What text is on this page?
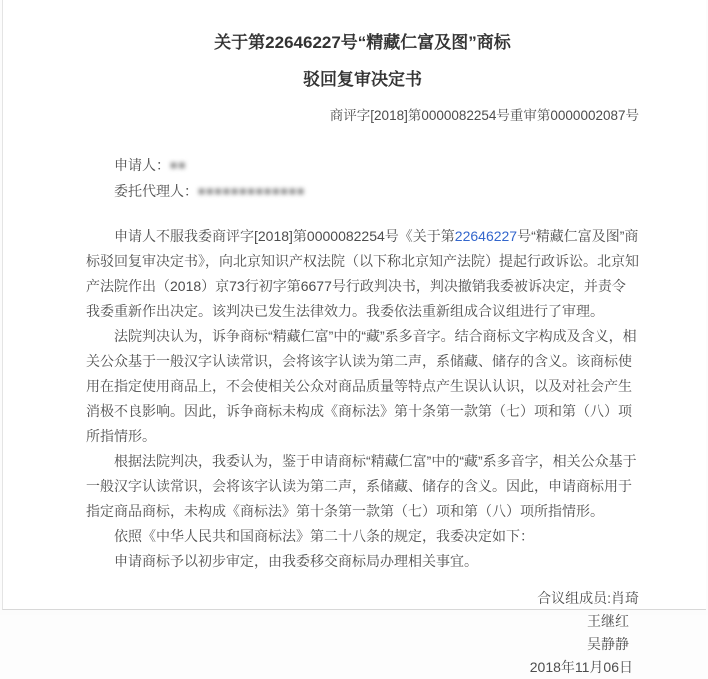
关于第22646227号“精藏仁富及图”商标
驳回复审决定书
商评字[2018]第0000082254号重审第0000002087号
申请人：■■
委托代理人：■■■■■■■■■■■■■

申请人不服我委商评字[2018]第0000082254号《关于第22646227号“精藏仁富及图”商标驳回复审决定书》，向北京知识产权法院（以下称北京知产法院）提起行政诉讼。北京知产法院作出（2018）京73行初字第6677号行政判决书，判决撤销我委被诉决定，并责令我委重新作出决定。该判决已发生法律效力。我委依法重新组成合议组进行了审理。

法院判决认为，诉争商标“精藏仁富”中的“藏”系多音字。结合商标文字构成及含义，相关公众基于一般汉字认读常识，会将该字认读为第二声，系储藏、储存的含义。该商标使用在指定使用商品上，不会使相关公众对商品质量等特点产生误认认识，以及对社会产生消极不良影响。因此，诉争商标未构成《商标法》第十条第一款第（七）项和第（八）项所指情形。

根据法院判决，我委认为，鉴于申请商标“精藏仁富”中的“藏”系多音字，相关公众基于一般汉字认读常识，会将该字认读为第二声，系储藏、储存的含义。因此，申请商标用于指定商品商标，未构成《商标法》第十条第一款第（七）项和第（八）项所指情形。

依照《中华人民共和国商标法》第二十八条的规定，我委决定如下：

申请商标予以初步审定，由我委移交商标局办理相关事宜。

合议组成员:肖琦
王继红
吴静静
2018年11月06日
